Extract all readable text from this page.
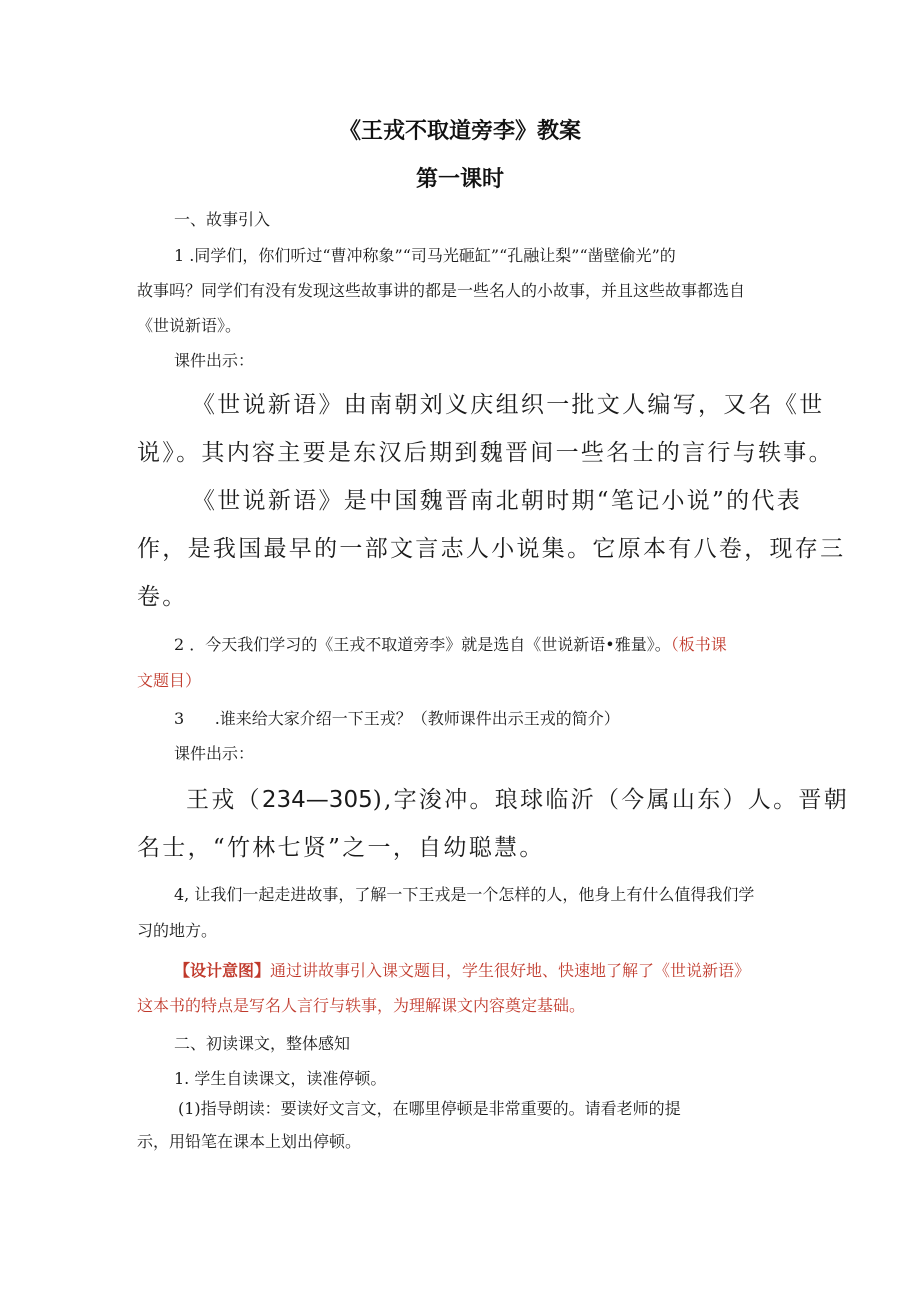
《王戎不取道旁李》教案
第一课时

一、故事引入

1 .同学们，你们听过“曹冲称象”“司马光砸缸”“孔融让梨”“凿壁偷光”的

故事吗？同学们有没有发现这些故事讲的都是一些名人的小故事，并且这些故事都选自

《世说新语》。

课件出示：

《世说新语》由南朝刘义庆组织一批文人编写，又名《世

说》。其内容主要是东汉后期到魏晋间一些名士的言行与轶事。

《世说新语》是中国魏晋南北朝时期“笔记小说”的代表

作，是我国最早的一部文言志人小说集。它原本有八卷，现存三

卷。

2 ．今天我们学习的《王戎不取道旁李》就是选自《世说新语•雅量》。（板书课

文题目）

3 .谁来给大家介绍一下王戎？（教师课件出示王戎的简介）

课件出示：

王戎（234—305),字浚冲。琅球临沂（今属山东）人。晋朝

名士，“竹林七贤”之一，自幼聪慧。

4, 让我们一起走进故事，了解一下王戎是一个怎样的人，他身上有什么值得我们学

习的地方。

【设计意图】通过讲故事引入课文题目，学生很好地、快速地了解了《世说新语》

这本书的特点是写名人言行与轶事，为理解课文内容奠定基础。

二、初读课文，整体感知

1. 学生自读课文，读准停顿。

(1)指导朗读：要读好文言文，在哪里停顿是非常重要的。请看老师的提

示，用铅笔在课本上划出停顿。
